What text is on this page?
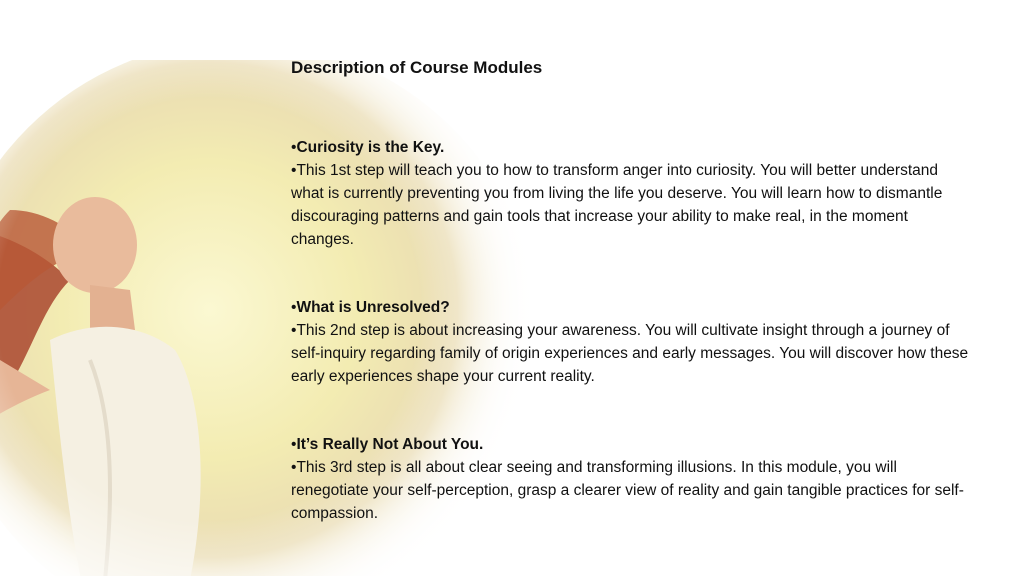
Description of Course Modules
•Curiosity is the Key.
•This 1st step will teach you to how to transform anger into curiosity. You will better understand what is currently preventing you from living the life you deserve. You will learn how to dismantle discouraging patterns and gain tools that increase your ability to make real, in the moment changes.
•What is Unresolved?
•This 2nd step is about increasing your awareness. You will cultivate insight through a journey of self-inquiry regarding family of origin experiences and early messages. You will discover how these early experiences shape your current reality.
•It’s Really Not About You.
•This 3rd step is all about clear seeing and transforming illusions. In this module, you will renegotiate your self-perception, grasp a clearer view of reality and gain tangible practices for self-compassion.
